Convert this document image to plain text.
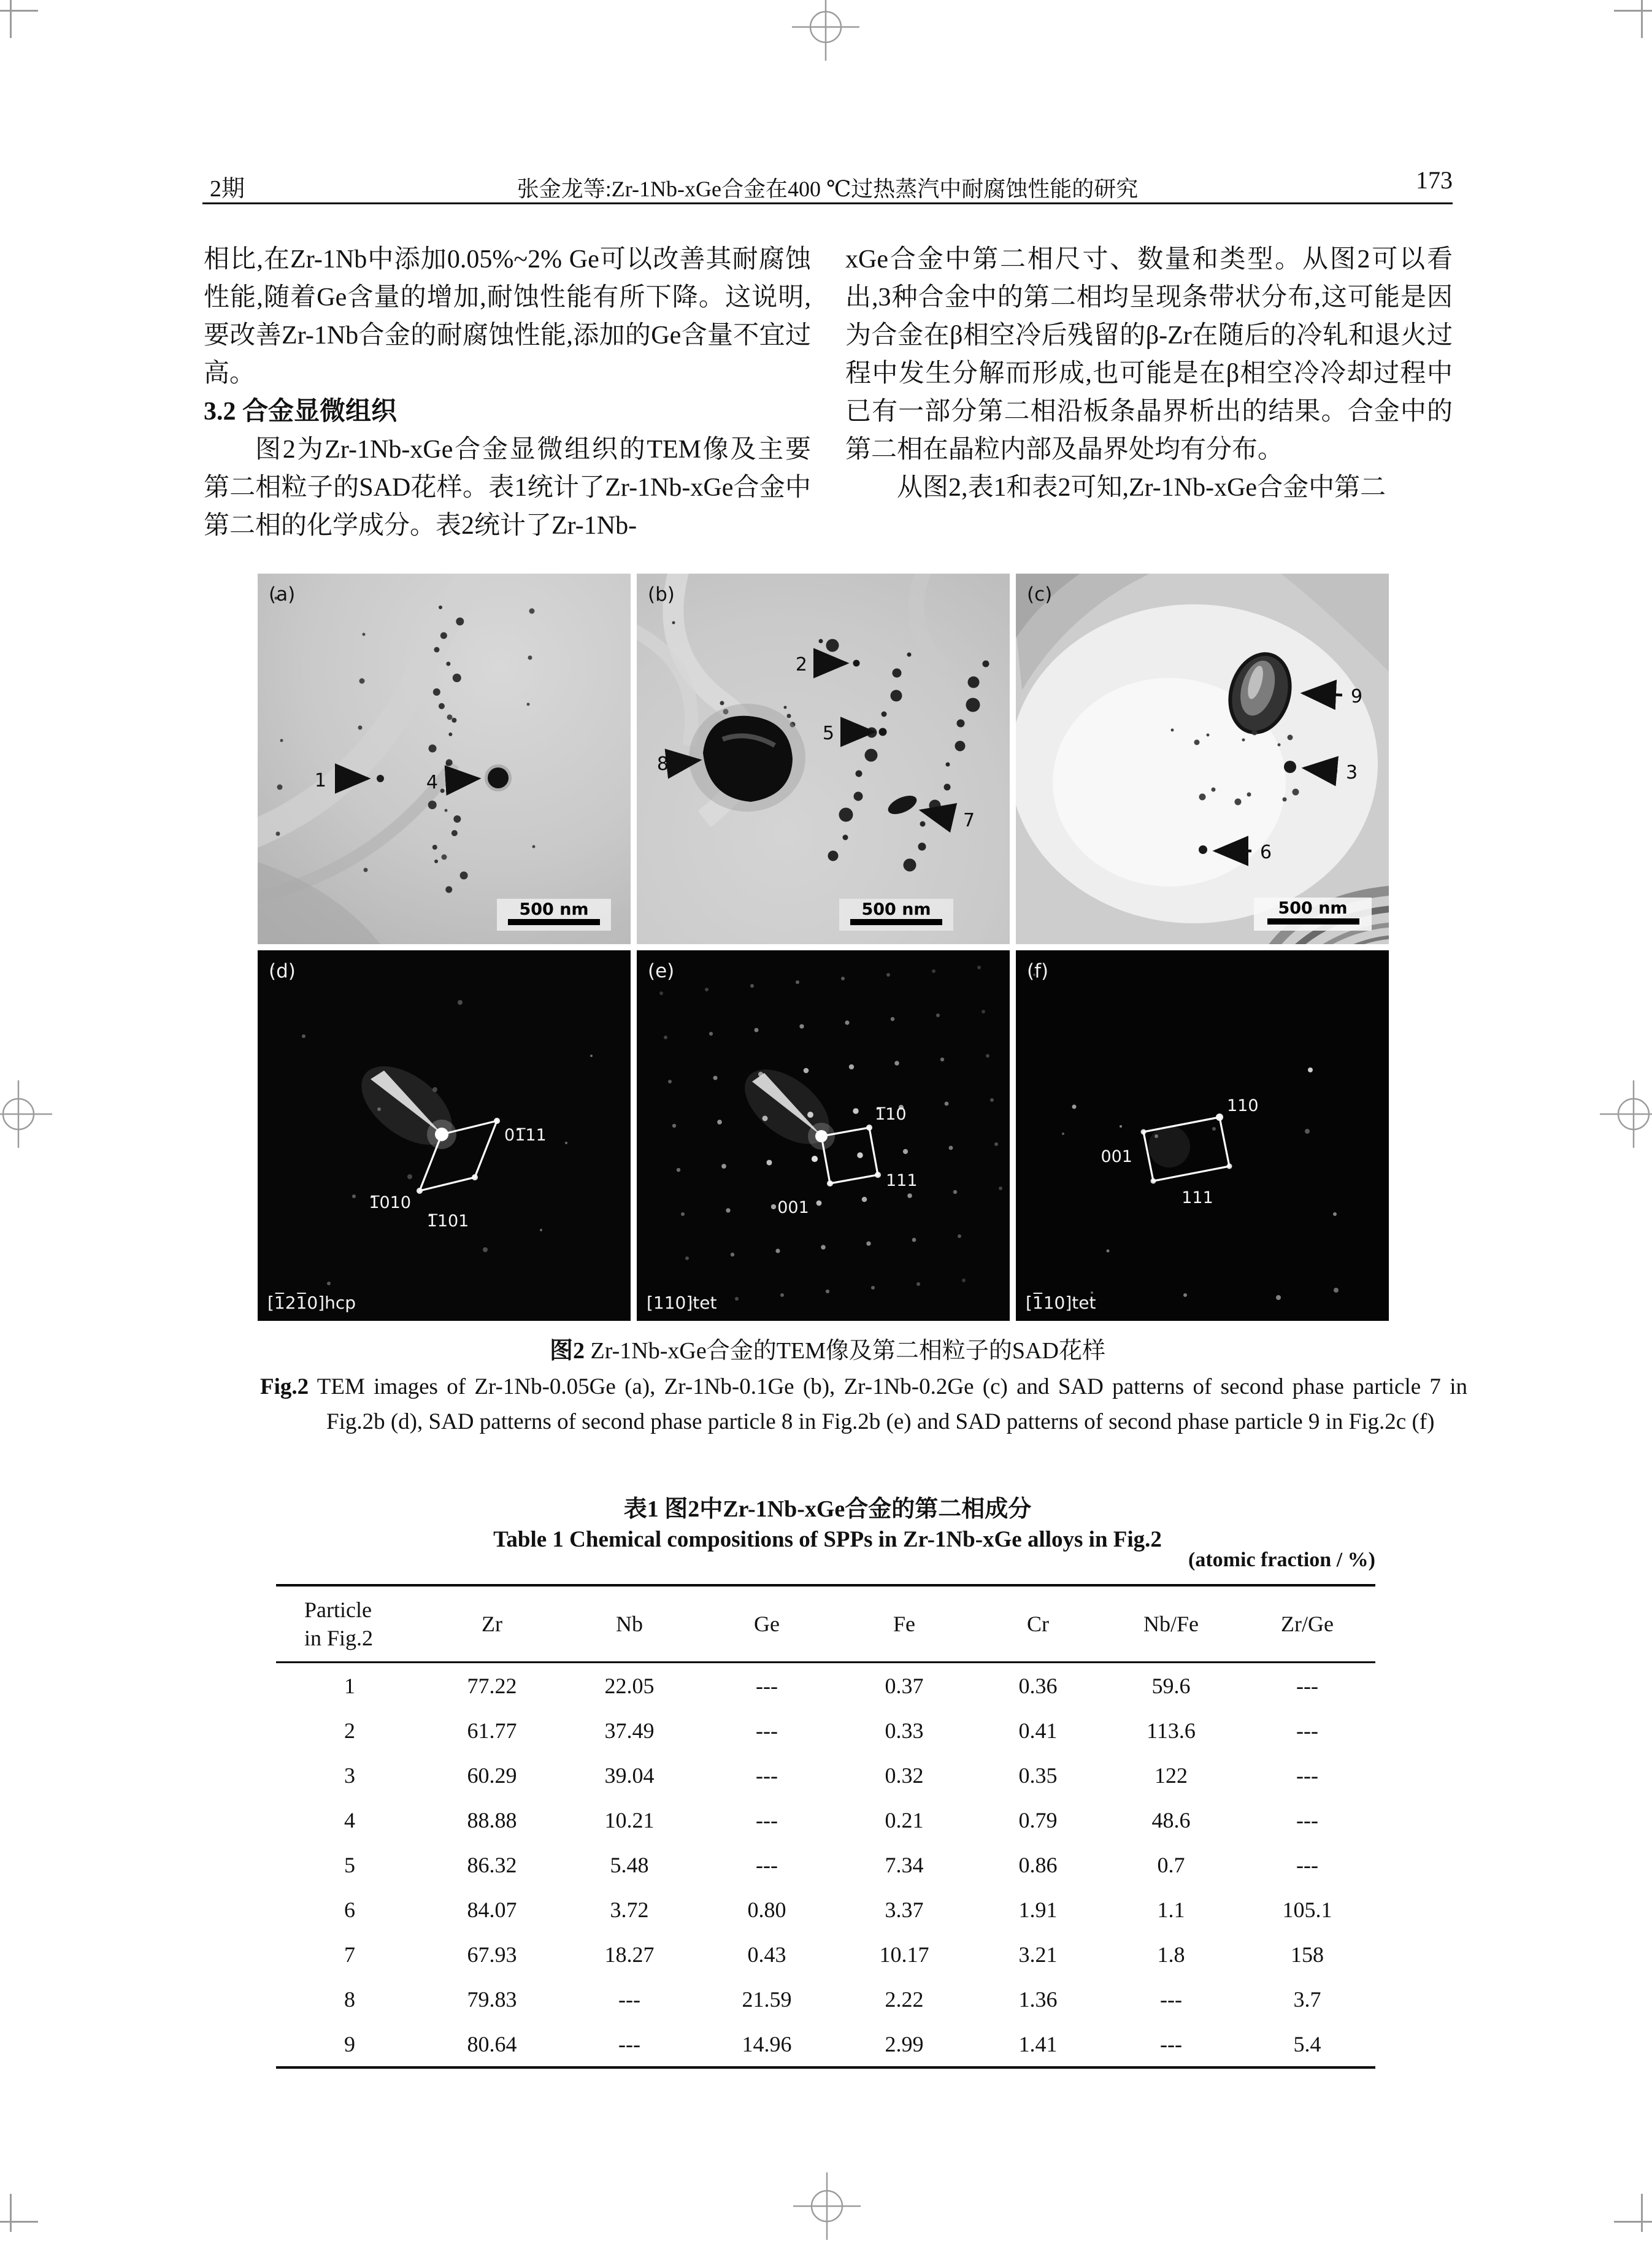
2期	张金龙等:Zr-1Nb-xGe合金在400 ℃过热蒸汽中耐腐蚀性能的研究	173

相比,在Zr-1Nb中添加0.05%~2% Ge可以改善其耐腐蚀性能,随着Ge含量的增加,耐蚀性能有所下降。这说明,要改善Zr-1Nb合金的耐腐蚀性能,添加的Ge含量不宜过高。

3.2 合金显微组织

图2为Zr-1Nb-xGe合金显微组织的TEM像及主要第二相粒子的SAD花样。表1统计了Zr-1Nb-xGe合金中第二相的化学成分。表2统计了Zr-1Nb-

xGe合金中第二相尺寸、数量和类型。从图2可以看出,3种合金中的第二相均呈现条带状分布,这可能是因为合金在β相空冷后残留的β-Zr在随后的冷轧和退火过程中发生分解而形成,也可能是在β相空冷冷却过程中已有一部分第二相沿板条晶界析出的结果。合金中的第二相在晶粒内部及晶界处均有分布。

从图2,表1和表2可知,Zr-1Nb-xGe合金中第二

1	4
(a)
500 nm
2
5
8
7
(b)
500 nm
9
3
6
(c)
500 nm
01̅11
1̅010
1̅101
[1̅21̅0]hcp
(d)
1̅10
111
001
[110]tet
(e)
110
001
111
[1̅10]tet
(f)
图2 Zr-1Nb-xGe合金的TEM像及第二相粒子的SAD花样
Fig.2 TEM images of Zr-1Nb-0.05Ge (a), Zr-1Nb-0.1Ge (b), Zr-1Nb-0.2Ge (c) and SAD patterns of second phase particle 7 in Fig.2b (d), SAD patterns of second phase particle 8 in Fig.2b (e) and SAD patterns of second phase particle 9 in Fig.2c (f)
表1 图2中Zr-1Nb-xGe合金的第二相成分
Table 1 Chemical compositions of SPPs in Zr-1Nb-xGe alloys in Fig.2
(atomic fraction / %)
Particle
in Fig.2	Zr	Nb	Ge	Fe	Cr	Nb/Fe	Zr/Ge
1	77.22	22.05	---	0.37	0.36	59.6	---
2	61.77	37.49	---	0.33	0.41	113.6	---
3	60.29	39.04	---	0.32	0.35	122	---
4	88.88	10.21	---	0.21	0.79	48.6	---
5	86.32	5.48	---	7.34	0.86	0.7	---
6	84.07	3.72	0.80	3.37	1.91	1.1	105.1
7	67.93	18.27	0.43	10.17	3.21	1.8	158
8	79.83	---	21.59	2.22	1.36	---	3.7
9	80.64	---	14.96	2.99	1.41	---	5.4
